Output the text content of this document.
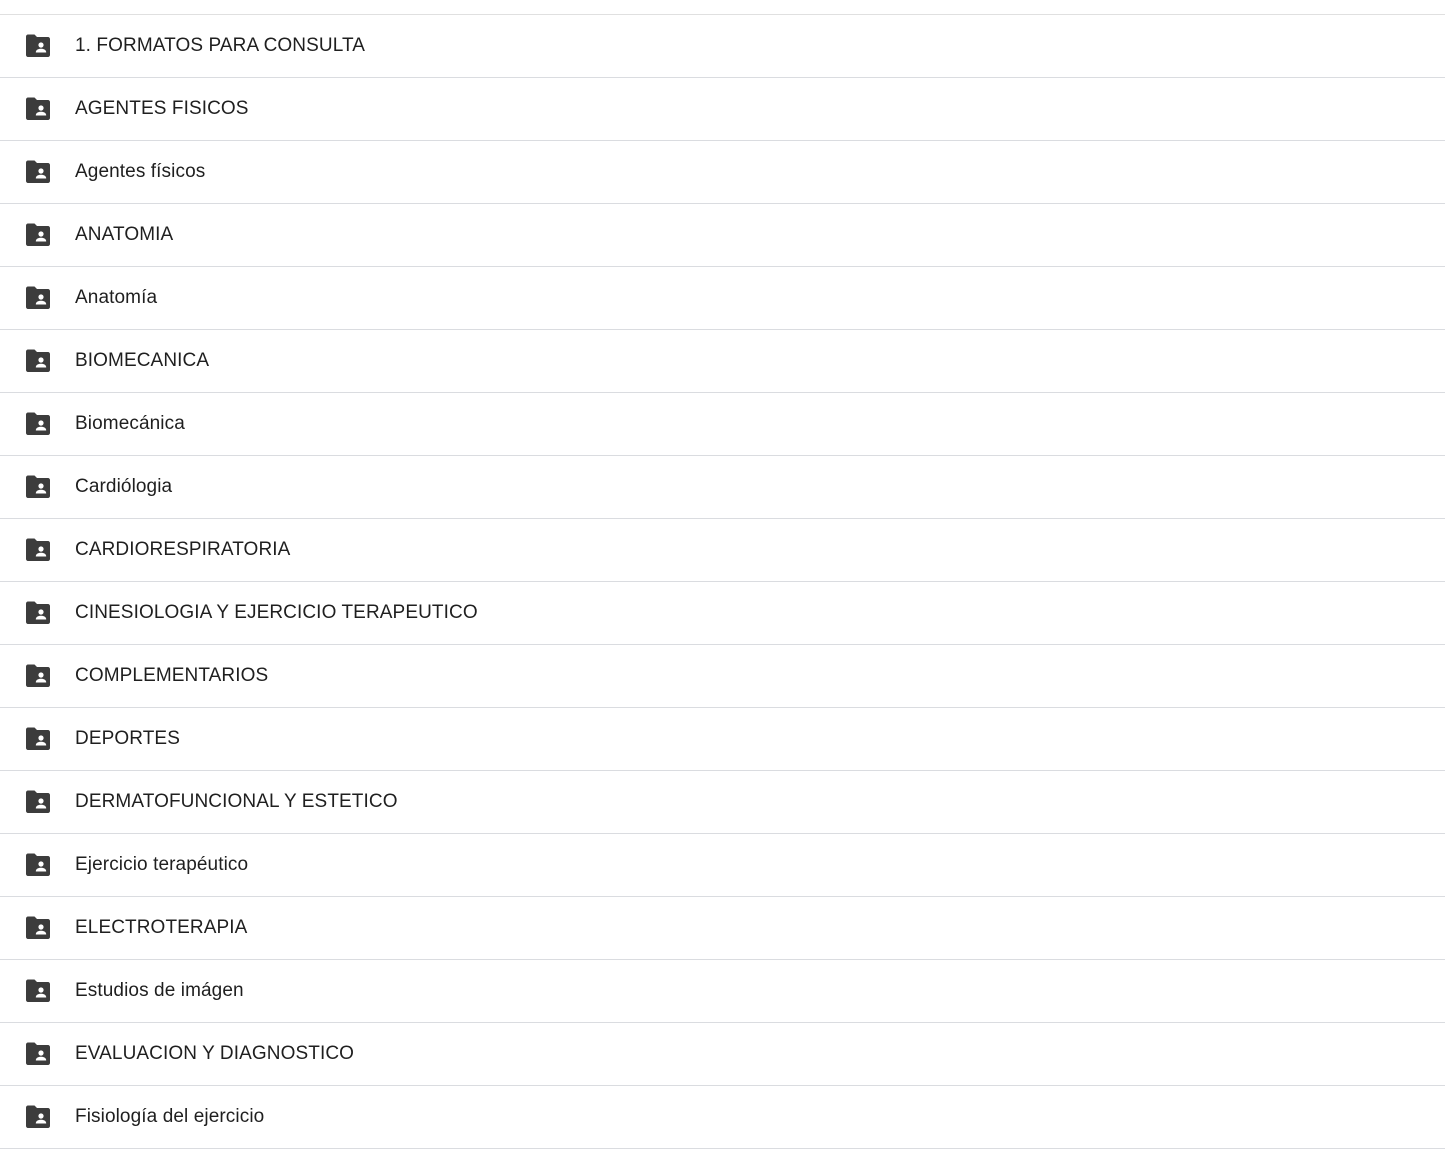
1. FORMATOS PARA CONSULTA
AGENTES FISICOS
Agentes físicos
ANATOMIA
Anatomía
BIOMECANICA
Biomecánica
Cardiólogia
CARDIORESPIRATORIA
CINESIOLOGIA Y EJERCICIO TERAPEUTICO
COMPLEMENTARIOS
DEPORTES
DERMATOFUNCIONAL Y ESTETICO
Ejercicio terapéutico
ELECTROTERAPIA
Estudios de imágen
EVALUACION Y DIAGNOSTICO
Fisiología del ejercicio
